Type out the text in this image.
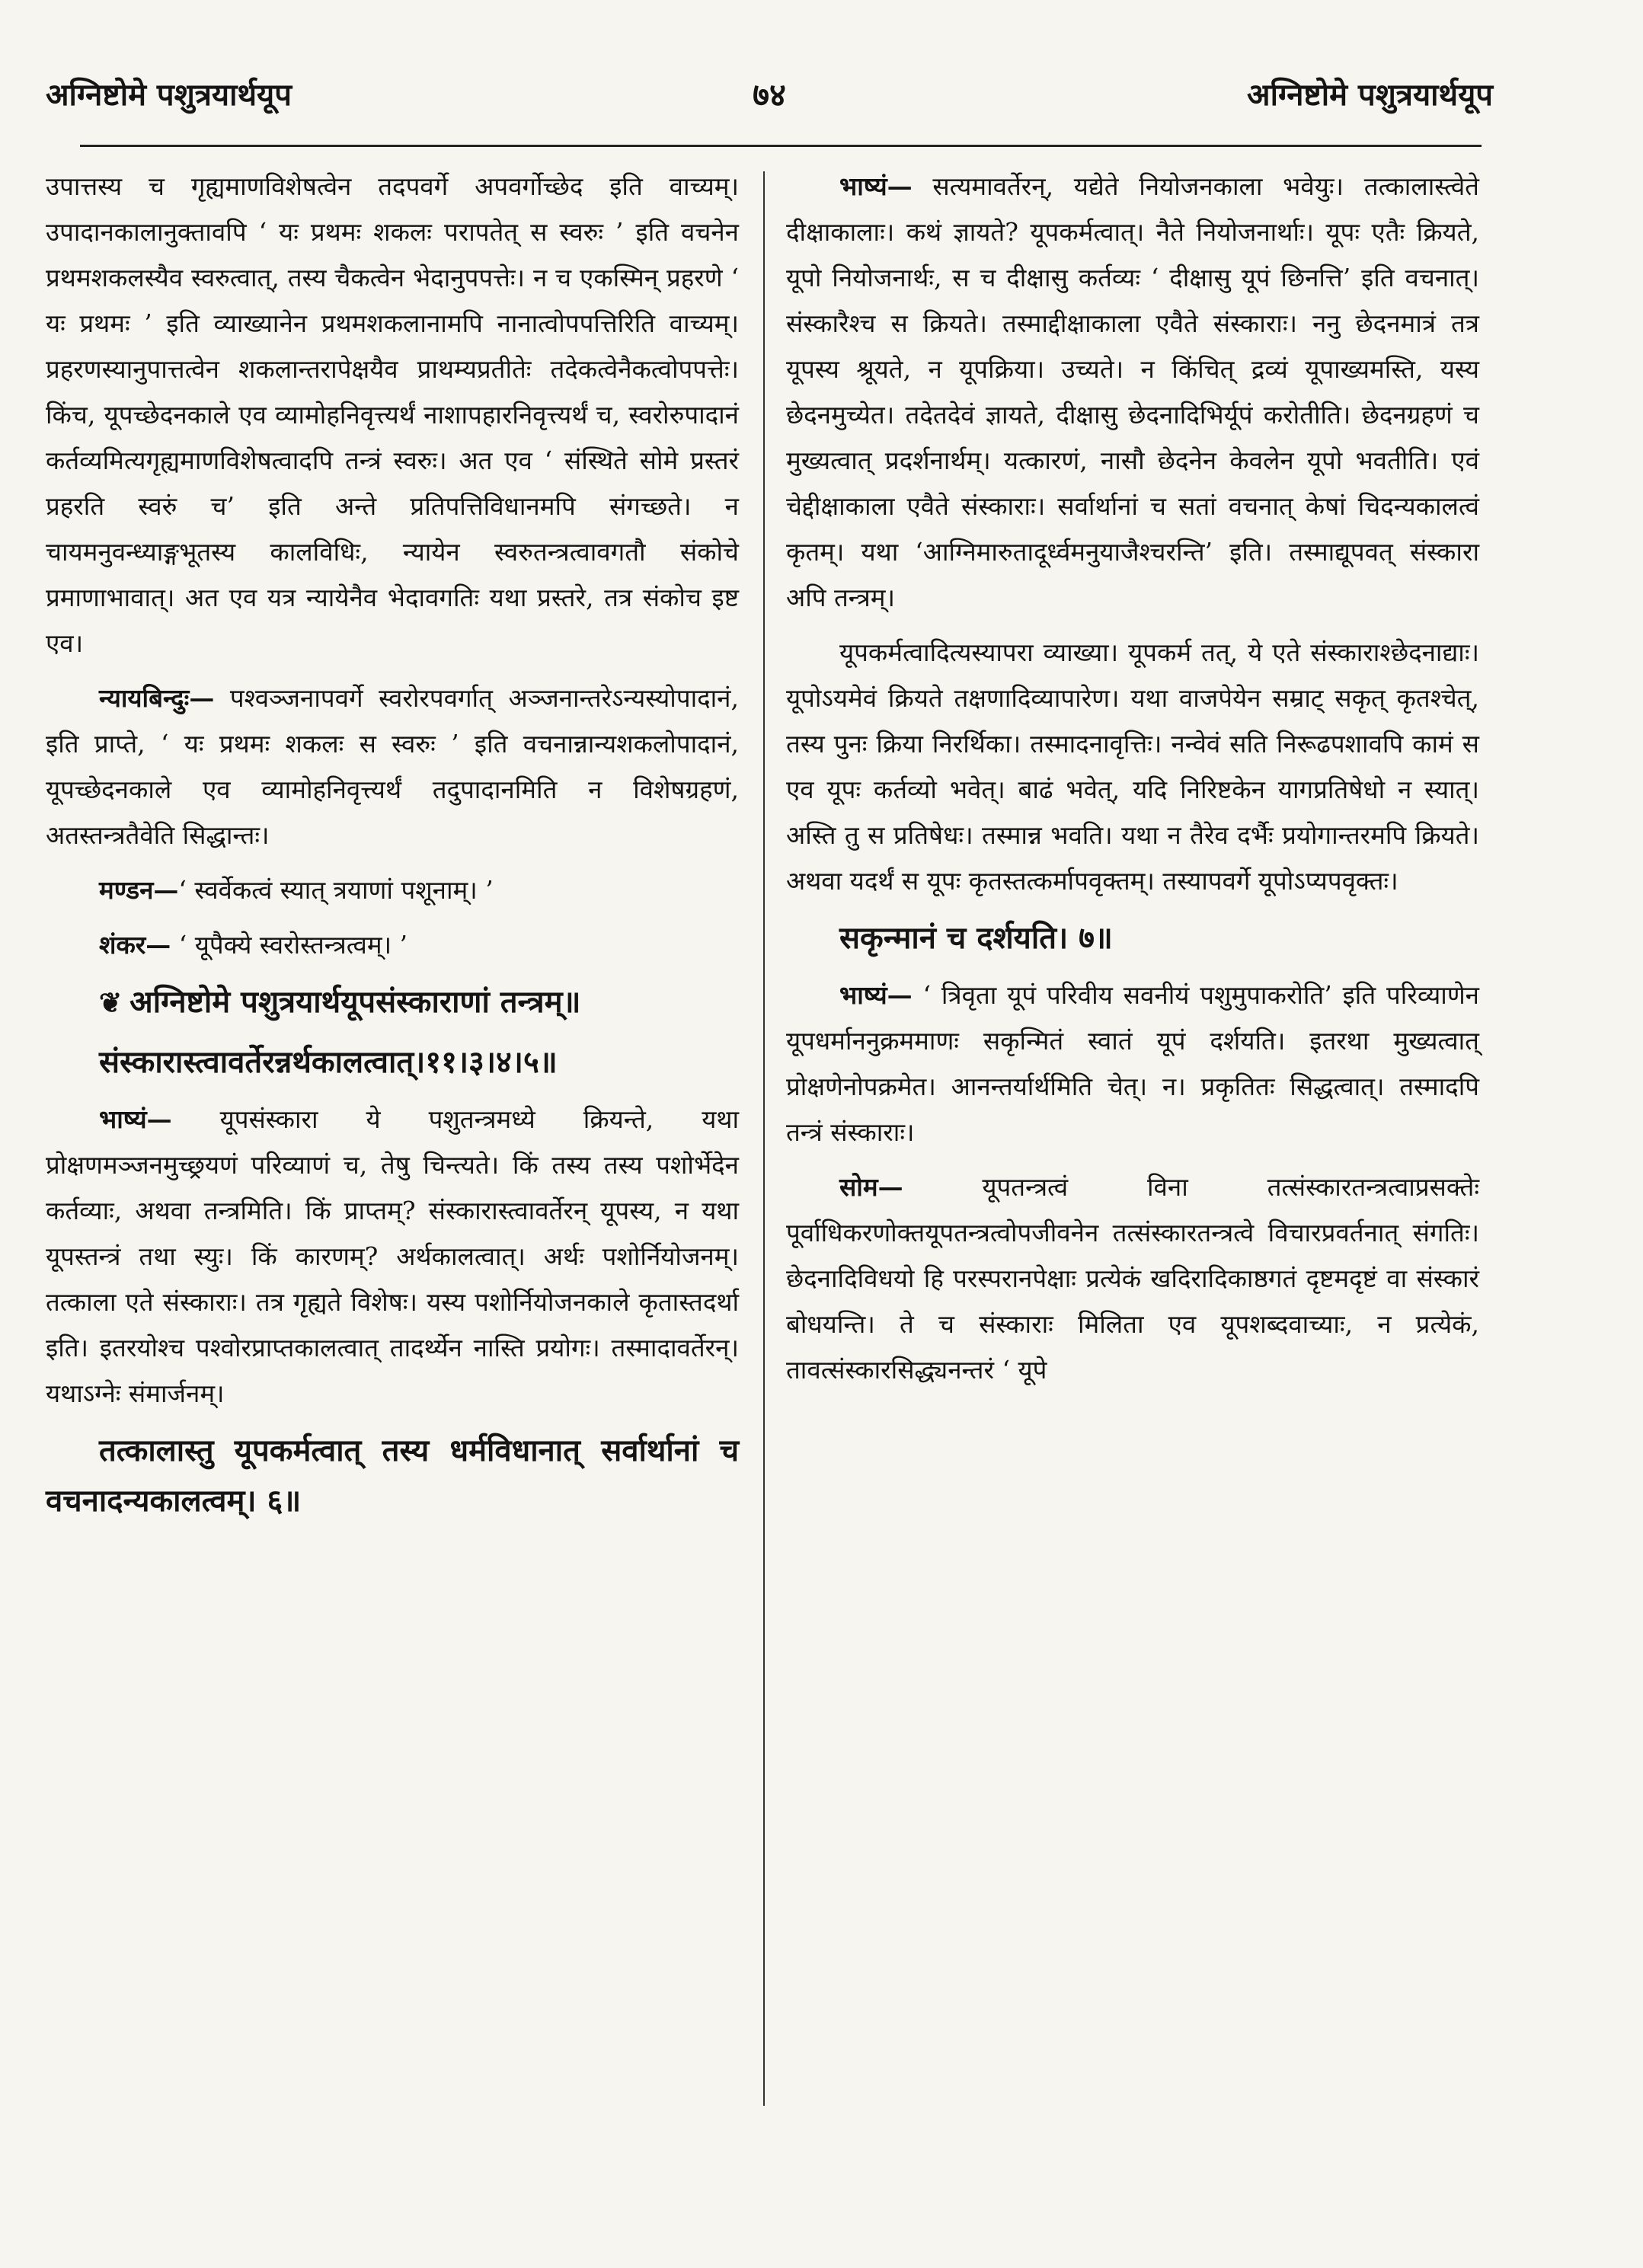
अग्निष्टोमे पशुत्रयार्थयूप	७४	अग्निष्टोमे पशुत्रयार्थयूप

उपात्तस्य च गृह्यमाणविशेषत्वेन तदपवर्गे अपवर्गोच्छेद इति वाच्यम्। उपादानकालानुक्तावपि ‘ यः प्रथमः शकलः परापतेत् स स्वरुः ’ इति वचनेन प्रथमशकलस्यैव स्वरुत्वात्, तस्य चैकत्वेन भेदानुपपत्तेः। न च एकस्मिन् प्रहरणे ‘ यः प्रथमः ’ इति व्याख्यानेन प्रथमशकलानामपि नानात्वोपपत्तिरिति वाच्यम्। प्रहरणस्यानुपात्तत्वेन शकलान्तरापेक्षयैव प्राथम्यप्रतीतेः तदेकत्वेनैकत्वोपपत्तेः। किंच, यूपच्छेदनकाले एव व्यामोहनिवृत्त्यर्थं नाशापहारनिवृत्त्यर्थं च, स्वरोरुपादानं कर्तव्यमित्यगृह्यमाणविशेषत्वादपि तन्त्रं स्वरुः। अत एव ‘ संस्थिते सोमे प्रस्तरं प्रहरति स्वरुं च’ इति अन्ते प्रतिपत्तिविधानमपि संगच्छते। न चायमनुवन्ध्याङ्गभूतस्य कालविधिः, न्यायेन स्वरुतन्त्रत्वावगतौ संकोचे प्रमाणाभावात्। अत एव यत्र न्यायेनैव भेदावगतिः यथा प्रस्तरे, तत्र संकोच इष्ट एव।

न्यायबिन्दुः— पश्वञ्जनापवर्गे स्वरोरपवर्गात् अञ्जनान्तरेऽन्यस्योपादानं, इति प्राप्ते, ‘ यः प्रथमः शकलः स स्वरुः ’ इति वचनान्नान्यशकलोपादानं, यूपच्छेदनकाले एव व्यामोहनिवृत्त्यर्थं तदुपादानमिति न विशेषग्रहणं, अतस्तन्त्रतैवेति सिद्धान्तः।

मण्डन—‘ स्वर्वेकत्वं स्यात् त्रयाणां पशूनाम्। ’

शंकर— ‘ यूपैक्ये स्वरोस्तन्त्रत्वम्। ’

❦ अग्निष्टोमे पशुत्रयार्थयूपसंस्काराणां तन्त्रम्॥

संस्कारास्त्वावर्तेरन्नर्थकालत्वात्।११।३।४।५॥

भाष्यं— यूपसंस्कारा ये पशुतन्त्रमध्ये क्रियन्ते, यथा प्रोक्षणमञ्जनमुच्छ्रयणं परिव्याणं च, तेषु चिन्त्यते। किं तस्य तस्य पशोर्भेदेन कर्तव्याः, अथवा तन्त्रमिति। किं प्राप्तम्? संस्कारास्त्वावर्तेरन् यूपस्य, न यथा यूपस्तन्त्रं तथा स्युः। किं कारणम्? अर्थकालत्वात्। अर्थः पशोर्नियोजनम्। तत्काला एते संस्काराः। तत्र गृह्यते विशेषः। यस्य पशोर्नियोजनकाले कृतास्तदर्था इति। इतरयोश्च पश्वोरप्राप्तकालत्वात् तादर्थ्येन नास्ति प्रयोगः। तस्मादावर्तेरन्। यथाऽग्नेः संमार्जनम्।

तत्कालास्तु यूपकर्मत्वात् तस्य धर्मविधानात् सर्वार्थानां च वचनादन्यकालत्वम्। ६॥

भाष्यं— सत्यमावर्तेरन्, यद्येते नियोजनकाला भवेयुः। तत्कालास्त्वेते दीक्षाकालाः। कथं ज्ञायते? यूपकर्मत्वात्। नैते नियोजनार्थाः। यूपः एतैः क्रियते, यूपो नियोजनार्थः, स च दीक्षासु कर्तव्यः ‘ दीक्षासु यूपं छिनत्ति’ इति वचनात्। संस्कारैश्च स क्रियते। तस्माद्दीक्षाकाला एवैते संस्काराः। ननु छेदनमात्रं तत्र यूपस्य श्रूयते, न यूपक्रिया। उच्यते। न किंचित् द्रव्यं यूपाख्यमस्ति, यस्य छेदनमुच्येत। तदेतदेवं ज्ञायते, दीक्षासु छेदनादिभिर्यूपं करोतीति। छेदनग्रहणं च मुख्यत्वात् प्रदर्शनार्थम्। यत्कारणं, नासौ छेदनेन केवलेन यूपो भवतीति। एवं चेद्दीक्षाकाला एवैते संस्काराः। सर्वार्थानां च सतां वचनात् केषां चिदन्यकालत्वं कृतम्। यथा ‘आग्निमारुतादूर्ध्वमनुयाजैश्चरन्ति’ इति। तस्माद्यूपवत् संस्कारा अपि तन्त्रम्।

यूपकर्मत्वादित्यस्यापरा व्याख्या। यूपकर्म तत्, ये एते संस्काराश्छेदनाद्याः। यूपोऽयमेवं क्रियते तक्षणादिव्यापारेण। यथा वाजपेयेन सम्राट् सकृत् कृतश्चेत्, तस्य पुनः क्रिया निरर्थिका। तस्मादनावृत्तिः। नन्वेवं सति निरूढपशावपि कामं स एव यूपः कर्तव्यो भवेत्। बाढं भवेत्, यदि निरिष्टकेन यागप्रतिषेधो न स्यात्। अस्ति तु स प्रतिषेधः। तस्मान्न भवति। यथा न तैरेव दर्भैः प्रयोगान्तरमपि क्रियते। अथवा यदर्थं स यूपः कृतस्तत्कर्मापवृक्तम्। तस्यापवर्गे यूपोऽप्यपवृक्तः।

सकृन्मानं च दर्शयति। ७॥

भाष्यं— ‘ त्रिवृता यूपं परिवीय सवनीयं पशुमुपाकरोति’ इति परिव्याणेन यूपधर्माननुक्रममाणः सकृन्मितं स्वातं यूपं दर्शयति। इतरथा मुख्यत्वात् प्रोक्षणेनोपक्रमेत। आनन्तर्यार्थमिति चेत्। न। प्रकृतितः सिद्धत्वात्। तस्मादपि तन्त्रं संस्काराः।

सोम— यूपतन्त्रत्वं विना तत्संस्कारतन्त्रत्वाप्रसक्तेः पूर्वाधिकरणोक्तयूपतन्त्रत्वोपजीवनेन तत्संस्कारतन्त्रत्वे विचारप्रवर्तनात् संगतिः। छेदनादिविधयो हि परस्परानपेक्षाः प्रत्येकं खदिरादिकाष्ठगतं दृष्टमदृष्टं वा संस्कारं बोधयन्ति। ते च संस्काराः मिलिता एव यूपशब्दवाच्याः, न प्रत्येकं, तावत्संस्कारसिद्ध्यनन्तरं ‘ यूपे
